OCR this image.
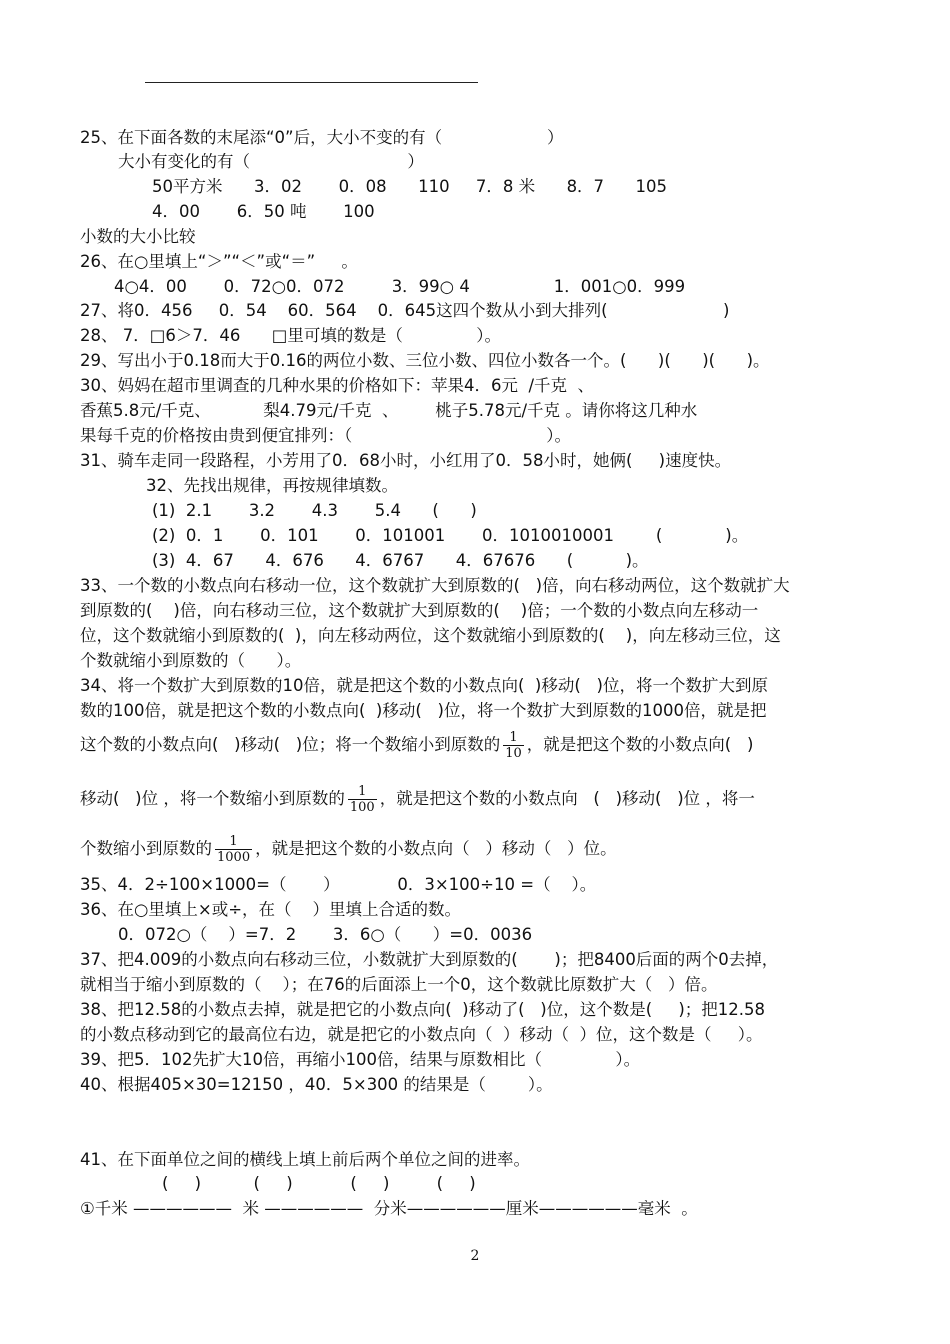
25、在下面各数的末尾添“0”后，大小不变的有（                    ）
大小有变化的有（                              ）
50平方米      3．02       0．08      110     7．8 米      8．7      105
4．00       6．50 吨       100
小数的大小比较
26、在○里填上“＞”“＜”或“＝”     。
4○4．00       0．72○0．072         3．99○ 4                1．001○0．999
27、将0．456     0．54    60．564    0．645这四个数从小到大排列(                      )
28、 7．□6＞7．46      □里可填的数是（              ）。
29、写出小于0.18而大于0.16的两位小数、三位小数、四位小数各一个。(      )(      )(      )。
30、妈妈在超市里调查的几种水果的价格如下：苹果4．6元  /千克  、
香蕉5.8元/千克、          梨4.79元/千克  、       桃子5.78元/千克 。请你将这几种水
果每千克的价格按由贵到便宜排列：（                                     ）。
31、骑车走同一段路程，小芳用了0．68小时，小红用了0．58小时，她俩(     )速度快。
32、先找出规律，再按规律填数。
(1)  2.1       3.2       4.3       5.4      (      )
(2)  0．1       0．101       0．101001       0．1010010001        (            )。
(3)  4．67      4．676      4．6767      4．67676      (          )。
33、一个数的小数点向右移动一位，这个数就扩大到原数的(   )倍，向右移动两位，这个数就扩大
到原数的(    )倍，向右移动三位，这个数就扩大到原数的(    )倍；一个数的小数点向左移动一
位，这个数就缩小到原数的(  )，向左移动两位，这个数就缩小到原数的(    )，向左移动三位，这
个数就缩小到原数的（      ）。
34、将一个数扩大到原数的10倍，就是把这个数的小数点向(  )移动(   )位，将一个数扩大到原
数的100倍，就是把这个数的小数点向(  )移动(   )位，将一个数扩大到原数的1000倍，就是把
这个数的小数点向(   )移动(   )位；将一个数缩小到原数的 $\frac{1}{10}$ ，就是把这个数的小数点向(   )
移动(   )位 ，将一个数缩小到原数的 $\frac{1}{100}$ ，就是把这个数的小数点向   (   )移动(   )位 ，将一
个数缩小到原数的 $\frac{1}{1000}$ ，就是把这个数的小数点向（   ）移动（   ）位。
35、4．2÷100×1000=（       ）           0．3×100÷10 =（    ）。
36、在○里填上×或÷，在（    ）里填上合适的数。
0．072○（    ）=7．2       3．6○（      ）=0．0036
37、把4.009的小数点向右移动三位，小数就扩大到原数的(       )；把8400后面的两个0去掉，
就相当于缩小到原数的（    ）；在76的后面添上一个0，这个数就比原数扩大（   ）倍。
38、把12.58的小数点去掉，就是把它的小数点向(  )移动了(   )位，这个数是(     )；把12.58
的小数点移动到它的最高位右边，就是把它的小数点向（  ）移动（  ）位，这个数是（     ）。
39、把5．102先扩大10倍，再缩小100倍，结果与原数相比（              ）。
40、根据405×30=12150 ，40．5×300 的结果是（        ）。
41、在下面单位之间的横线上填上前后两个单位之间的进率。
(     )          (     )           (     )         (     )
①千米 ——————  米 ——————  分米——————厘米——————毫米  。
2
